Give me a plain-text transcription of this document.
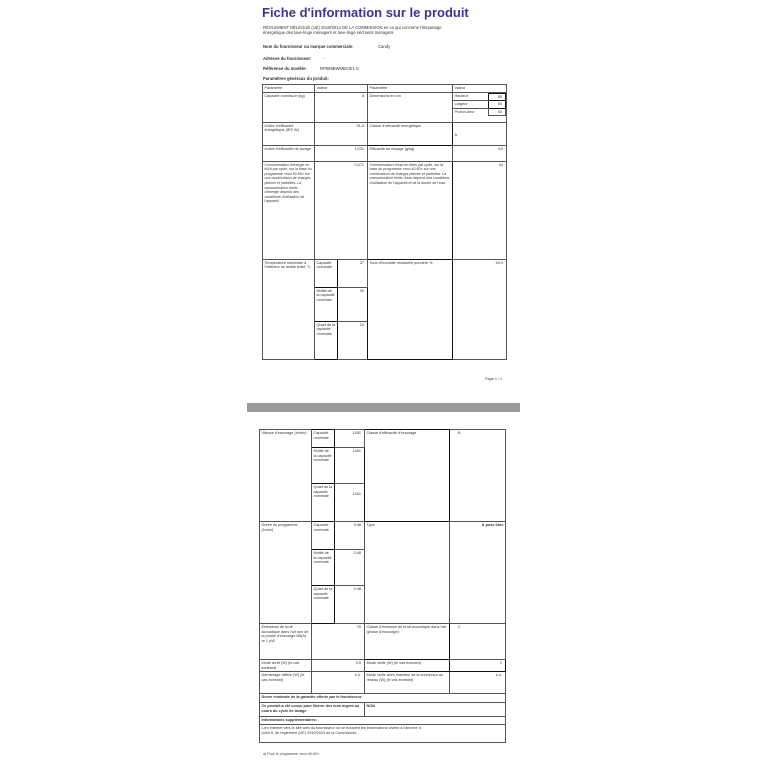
Fiche d'information sur le produit
RÈGLEMENT DÉLÉGUÉ (UE) 2019/2014 DE LA COMMISSION en ce qui concerne l'étiquetage
énergétique des lave-linge ménagers et lave-linge séchants ménagers
Nom du fournisseur ou marque commerciale:	Candy
Adresse du fournisseur:	-
Référence du modèle:	RP586BWMBC8/1-S
Paramètres généraux du produit:
Paramètre	Valeur	Paramètre	Valeur
Capacité nomina-le (kg)	8	Dimensions en cm		Hauteur	85
Largeur	60
Profon-deur	53

Indice d'efficacité énergétique (IEE W)	51,8	Classe d'efficacité énergétique	A
Indice d'efficacité de lavage	1,031	Efficacité de rinçage (g/kg)	4,9
Consommation d'énergie en kWh par cycle, sur la base du programme «eco 40-60» sur une combinaison de charges pleines et partielles. La consommation réelle d'énergie dépend des conditions d'utilisation de l'appareil.	0,472	Consommation d'eau en litres par cycle, sur la base du programme «eco 40-60» sur une combinaison de charges pleines et partielles. La consommation réelle d'eau dépend des conditions d'utilisation de l'appareil et de la dureté de l'eau.	44
Température maximale à l'intérieur du textile traité °C	Capacité nominale	37	Taux d'humidité résiduelle pondéré %	53,9
Moitié de la capacité nominale	30
Quart de la capacité nominale	24
Page 1 / 2
Vitesse d'essorage (tr/min)	Capacité nominale	1451	Classe d'efficacité d'essorage	B
	Moitié de la capacité nominale	1451		
	Quart de la capacité nominale	1451		
Durée du programme (h:min)	Capacité nominale	3:38	Type	À pose libre
	Moitié de la capacité nominale	2:48		
	Quart de la capacité nominale	2:48		
Émissions de bruit acoustique dans l'air lors de la phase d'essorage dB(A) re 1 pW	76		Classe d'émission de bruit acoustique dans l'air (phase d'essorage)	C
Mode arrêt (W) (le cas échéant)	0,5		Mode veille (W) (le cas échéant)	1
Démarrage différé (W) (le cas échéant)	s.o.		Mode veille avec maintien de la connexion au réseau (W) (le cas échéant)	s.o.
Durée minimale de la garantie offerte par le fournisseur:				
Ce produit a été conçu pour libérer des ions argent au cours du cycle de lavage			NON	
Informations supplémentaires:				

Lien internet vers le site web du fournisseur où se trouvent les informations visées à l'annexe II,
point 9, du règlement (UE) 2019/2023 de la Commission: -				
a) Pour le programme «eco 40-60».
